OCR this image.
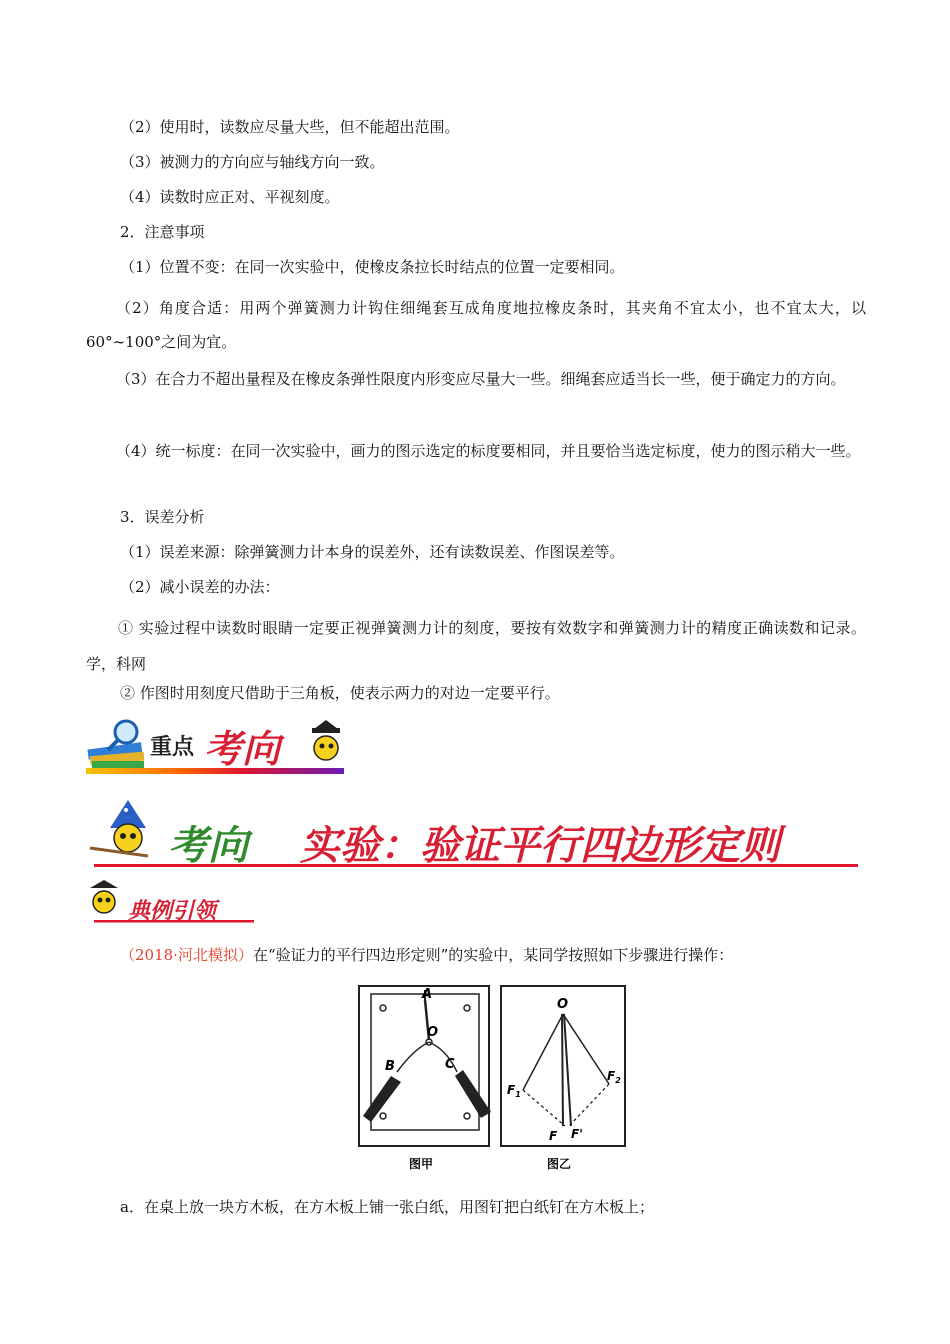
（2）使用时，读数应尽量大些，但不能超出范围。

（3）被测力的方向应与轴线方向一致。

（4）读数时应正对、平视刻度。

2．注意事项

（1）位置不变：在同一次实验中，使橡皮条拉长时结点的位置一定要相同。

（2）角度合适：用两个弹簧测力计钩住细绳套互成角度地拉橡皮条时，其夹角不宜太小，也不宜太大，以60°~100°之间为宜。

（3）在合力不超出量程及在橡皮条弹性限度内形变应尽量大一些。细绳套应适当长一些，便于确定力的方向。

（4）统一标度：在同一次实验中，画力的图示选定的标度要相同，并且要恰当选定标度，使力的图示稍大一些。

3．误差分析

（1）误差来源：除弹簧测力计本身的误差外，还有读数误差、作图误差等。

（2）减小误差的办法：

① 实验过程中读数时眼睛一定要正视弹簧测力计的刻度，要按有效数字和弹簧测力计的精度正确读数和记录。学，科网

② 作图时用刻度尺借助于三角板，使表示两力的对边一定要平行。

重点 考向
考向 实验：验证平行四边形定则
典例引领

（2018·河北模拟）在“验证力的平行四边形定则”的实验中，某同学按照如下步骤进行操作：

A
O
B	C
O
$F_1$
$F_2$
F F'
图甲	图乙

a．在桌上放一块方木板，在方木板上铺一张白纸，用图钉把白纸钉在方木板上；
